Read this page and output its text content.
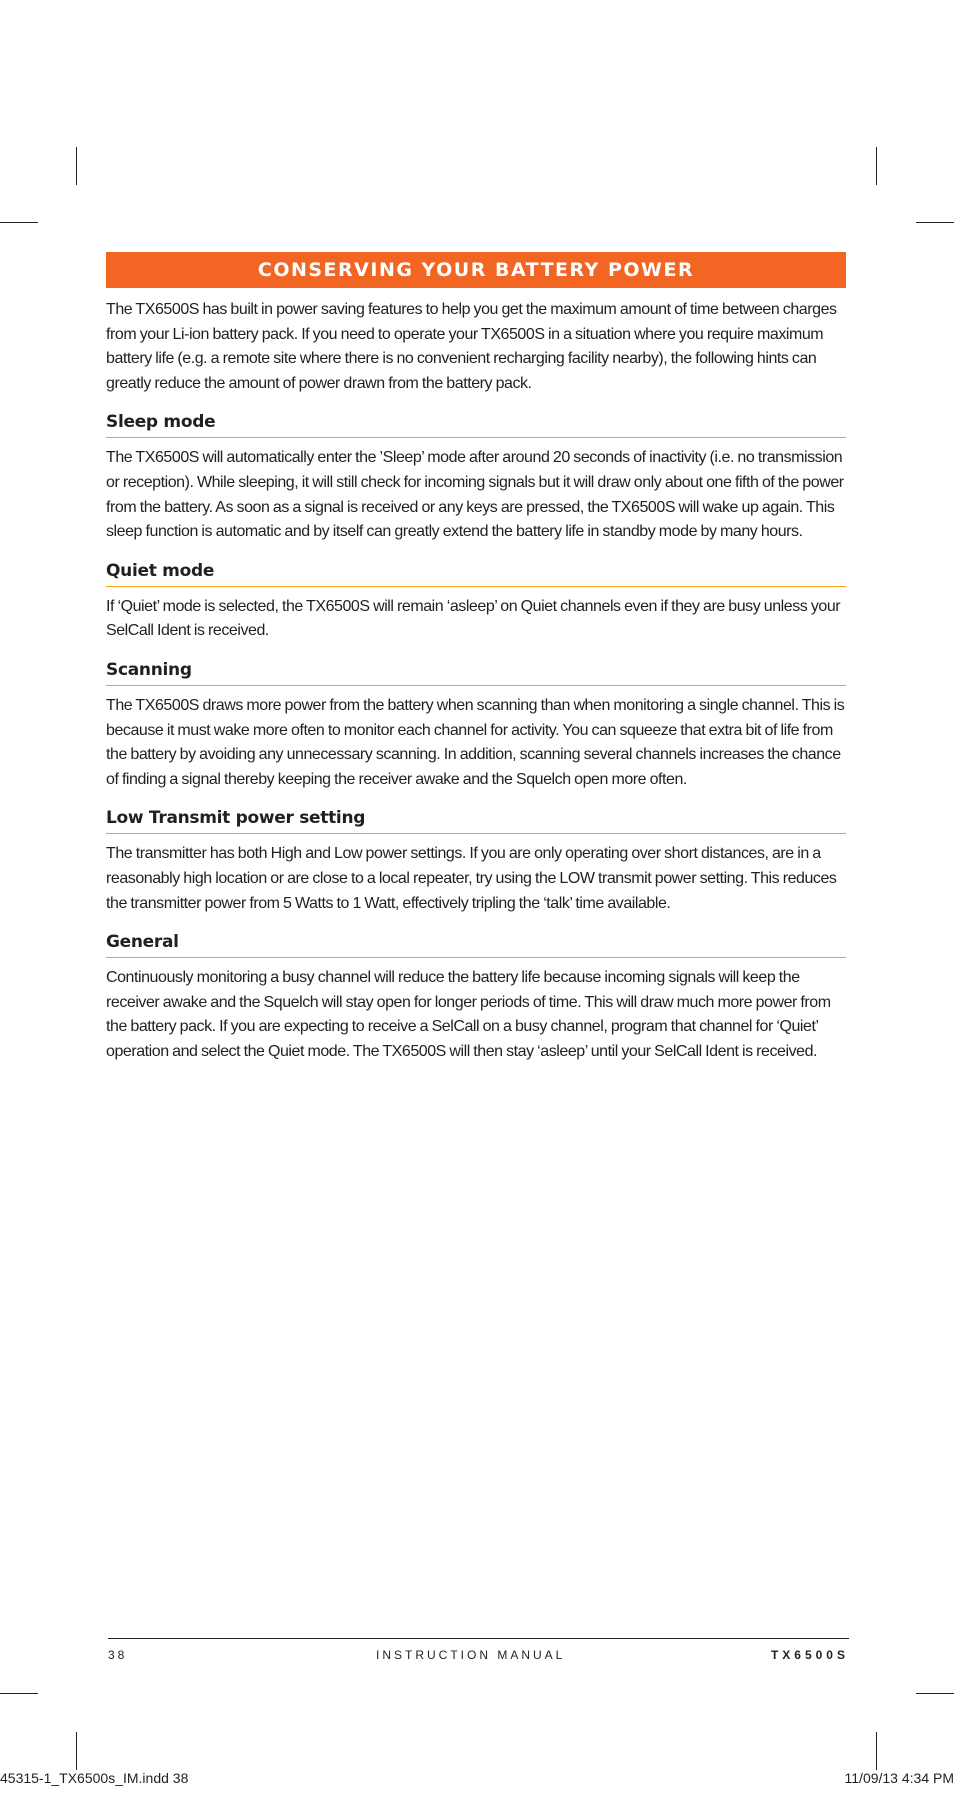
CONSERVING YOUR BATTERY POWER

The TX6500S has built in power saving features to help you get the maximum amount of time between charges from your Li-ion battery pack. If you need to operate your TX6500S in a situation where you require maximum battery life (e.g. a remote site where there is no convenient recharging facility nearby), the following hints can greatly reduce the amount of power drawn from the battery pack.

Sleep mode

The TX6500S will automatically enter the ’Sleep’ mode after around 20 seconds of inactivity (i.e. no transmission or reception). While sleeping, it will still check for incoming signals but it will draw only about one fifth of the power from the battery. As soon as a signal is received or any keys are pressed, the TX6500S will wake up again. This sleep function is automatic and by itself can greatly extend the battery life in standby mode by many hours.

Quiet mode

If ‘Quiet’ mode is selected, the TX6500S will remain ‘asleep’ on Quiet channels even if they are busy unless your SelCall Ident is received.

Scanning

The TX6500S draws more power from the battery when scanning than when monitoring a single channel. This is because it must wake more often to monitor each channel for activity. You can squeeze that extra bit of life from the battery by avoiding any unnecessary scanning. In addition, scanning several channels increases the chance of finding a signal thereby keeping the receiver awake and the Squelch open more often.

Low Transmit power setting

The transmitter has both High and Low power settings. If you are only operating over short distances, are in a reasonably high location or are close to a local repeater, try using the LOW transmit power setting. This reduces the transmitter power from 5 Watts to 1 Watt, effectively tripling the ‘talk’ time available.

General

Continuously monitoring a busy channel will reduce the battery life because incoming signals will keep the receiver awake and the Squelch will stay open for longer periods of time. This will draw much more power from the battery pack. If you are expecting to receive a SelCall on a busy channel, program that channel for ‘Quiet’ operation and select the Quiet mode. The TX6500S will then stay ‘asleep’ until your SelCall Ident is received.

38	INSTRUCTION MANUAL	TX6500S
45315-1_TX6500s_IM.indd 38	11/09/13 4:34 PM
